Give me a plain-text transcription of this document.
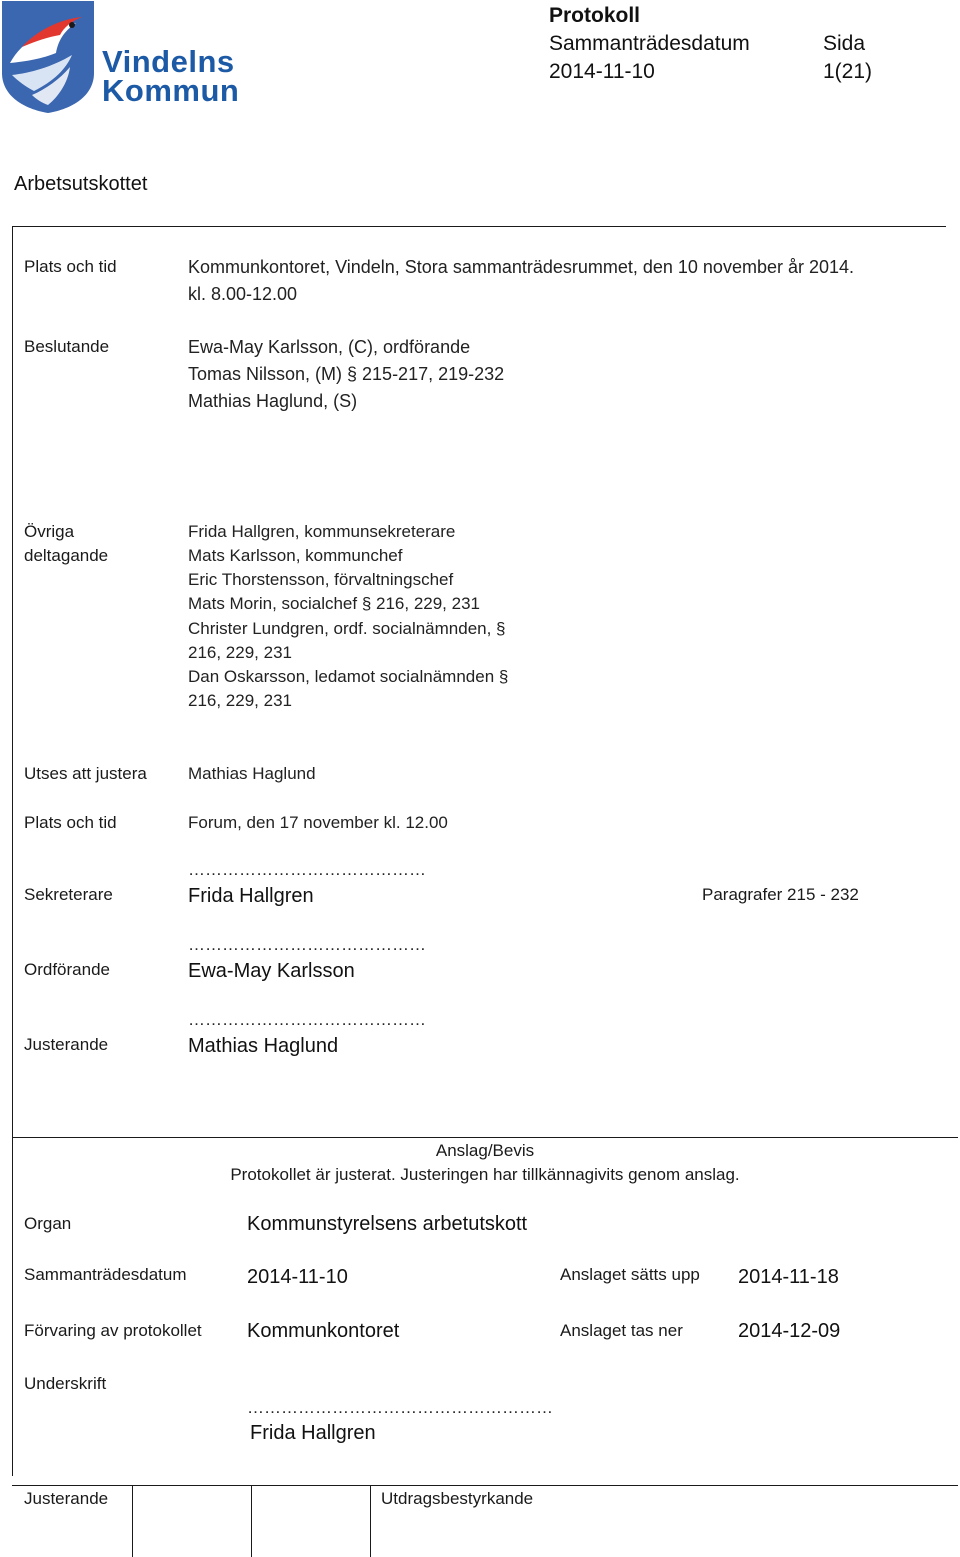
Vindelns
Kommun
Protokoll
Sammanträdesdatum
2014-11-10
Sida
1(21)
Arbetsutskottet
Plats och tid	Kommunkontoret, Vindeln, Stora sammanträdesrummet, den 10 november år 2014.
kl. 8.00-12.00
Beslutande	Ewa-May Karlsson, (C), ordförande
Tomas Nilsson, (M) § 215-217, 219-232
Mathias Haglund, (S)
Övriga
deltagande
Frida Hallgren, kommunsekreterare
Mats Karlsson, kommunchef
Eric Thorstensson, förvaltningschef
Mats Morin, socialchef § 216, 229, 231
Christer Lundgren, ordf. socialnämnden, §
216, 229, 231
Dan Oskarsson, ledamot socialnämnden §
216, 229, 231
Utses att justera Mathias Haglund
Plats och tid	Forum, den 17 november kl. 12.00
……………………………………
Sekreterare	Frida Hallgren	Paragrafer 215 - 232
……………………………………
Ordförande	Ewa-May Karlsson
……………………………………
Justerande	Mathias Haglund
Anslag/Bevis
Protokollet är justerat. Justeringen har tillkännagivits genom anslag.
Organ	Kommunstyrelsens arbetutskott
Sammanträdesdatum	2014-11-10	Anslaget sätts upp 2014-11-18
Förvaring av protokollet Kommunkontoret	Anslaget tas ner	2014-12-09
Underskrift
………………………………………………
Frida Hallgren
Justerande	Utdragsbestyrkande
